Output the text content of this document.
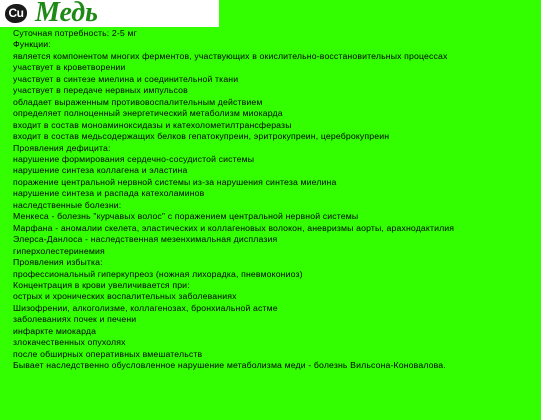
Cu Медь
Суточная потребность: 2-5 мг
Функции:
является компонентом многих ферментов, участвующих в окислительно-восстановительных процессах
участвует в кроветворении
участвует в синтезе миелина и соединительной ткани
участвует в передаче нервных импульсов
обладает выраженным противовоспалительным действием
определяет полноценный энергетический метаболизм миокарда
входит в состав моноаминоксидазы и катехолометилтрансферазы
входит в состав медьсодержащих белков гепатокупреин, эритрокупреин, цереброкупреин
Проявления дефицита:
нарушение формирования сердечно-сосудистой системы
нарушение синтеза коллагена и эластина
поражение центральной нервной системы из-за нарушения синтеза миелина
нарушение синтеза и распада катехоламинов
наследственные болезни:
Менкеса - болезнь "курчавых волос" с поражением центральной нервной системы
Марфана - аномалии скелета, эластических и коллагеновых волокон, аневризмы аорты, арахнодактилия
Элерса-Данлоса - наследственная мезенхимальная дисплазия
гиперхолестеринемия
Проявления избытка:
профессиональный гиперкупреоз (ножная лихорадка, пневмокониоз)
Концентрация в крови увеличивается при:
острых и хронических воспалительных заболеваниях
Шизофрении, алкоголизме, коллагенозах, бронхиальной астме
заболеваниях почек и печени
инфаркте миокарда
злокачественных опухолях
после обширных оперативных вмешательств
Бывает наследственно обусловленное нарушение метаболизма меди - болезнь Вильсона-Коновалова.
